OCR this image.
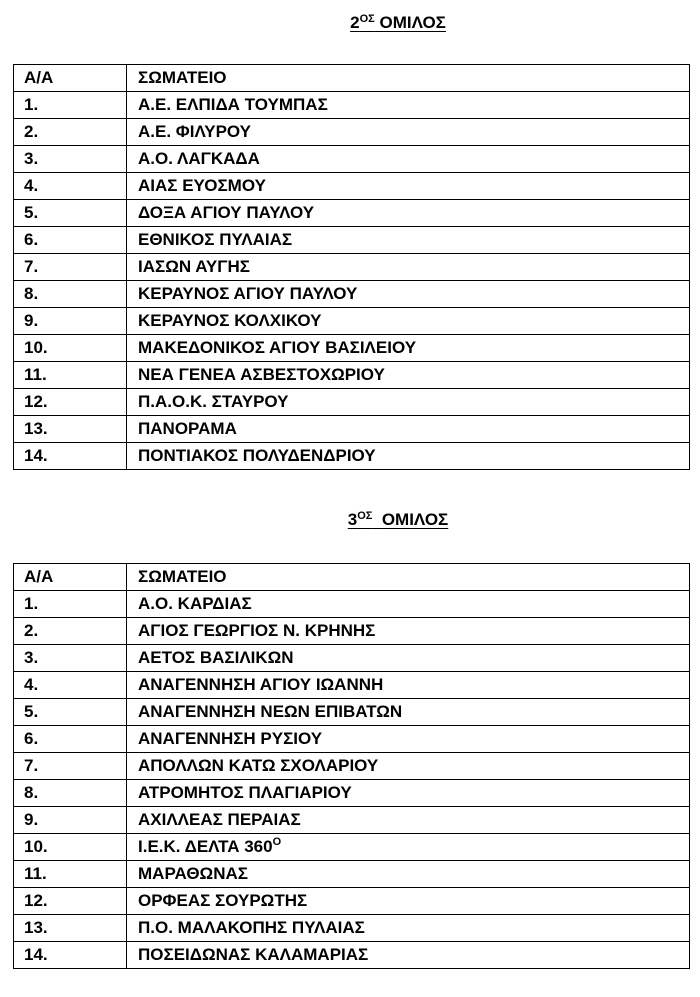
$2^{O\Sigma}$ ΟΜΙΛΟΣ
Α/Α	ΣΩΜΑΤΕΙΟ
1.	Α.Ε. ΕΛΠΙΔΑ ΤΟΥΜΠΑΣ
2.	Α.Ε. ΦΙΛΥΡΟΥ
3.	Α.Ο. ΛΑΓΚΑΔΑ
4.	ΑΙΑΣ ΕΥΟΣΜΟΥ
5.	ΔΟΞΑ ΑΓΙΟΥ ΠΑΥΛΟΥ
6.	ΕΘΝΙΚΟΣ ΠΥΛΑΙΑΣ
7.	ΙΑΣΩΝ ΑΥΓΗΣ
8.	ΚΕΡΑΥΝΟΣ ΑΓΙΟΥ ΠΑΥΛΟΥ
9.	ΚΕΡΑΥΝΟΣ ΚΟΛΧΙΚΟΥ
10.	ΜΑΚΕΔΟΝΙΚΟΣ ΑΓΙΟΥ ΒΑΣΙΛΕΙΟΥ
11.	ΝΕΑ ΓΕΝΕΑ ΑΣΒΕΣΤΟΧΩΡΙΟΥ
12.	Π.Α.Ο.Κ. ΣΤΑΥΡΟΥ
13.	ΠΑΝΟΡΑΜΑ
14.	ΠΟΝΤΙΑΚΟΣ ΠΟΛΥΔΕΝΔΡΙΟΥ
$3^{O\Sigma}$ ΟΜΙΛΟΣ
Α/Α	ΣΩΜΑΤΕΙΟ
1.	Α.Ο. ΚΑΡΔΙΑΣ
2.	ΑΓΙΟΣ ΓΕΩΡΓΙΟΣ Ν. ΚΡΗΝΗΣ
3.	ΑΕΤΟΣ ΒΑΣΙΛΙΚΩΝ
4.	ΑΝΑΓΕΝΝΗΣΗ ΑΓΙΟΥ ΙΩΑΝΝΗ
5.	ΑΝΑΓΕΝΝΗΣΗ ΝΕΩΝ ΕΠΙΒΑΤΩΝ
6.	ΑΝΑΓΕΝΝΗΣΗ ΡΥΣΙΟΥ
7.	ΑΠΟΛΛΩΝ ΚΑΤΩ ΣΧΟΛΑΡΙΟΥ
8.	ΑΤΡΟΜΗΤΟΣ ΠΛΑΓΙΑΡΙΟΥ
9.	ΑΧΙΛΛΕΑΣ ΠΕΡΑΙΑΣ
10.	Ι.Ε.Κ. ΔΕΛΤΑ $360^O$
11.	ΜΑΡΑΘΩΝΑΣ
12.	ΟΡΦΕΑΣ ΣΟΥΡΩΤΗΣ
13.	Π.Ο. ΜΑΛΑΚΟΠΗΣ ΠΥΛΑΙΑΣ
14.	ΠΟΣΕΙΔΩΝΑΣ ΚΑΛΑΜΑΡΙΑΣ
